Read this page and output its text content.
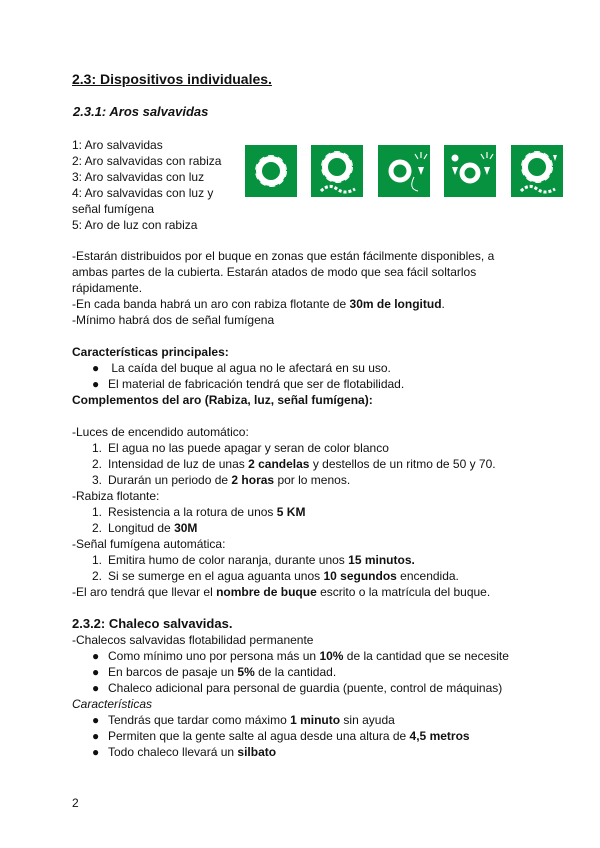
2.3: Dispositivos individuales.
2.3.1: Aros salvavidas
1: Aro salvavidas
2: Aro salvavidas con rabiza
3: Aro salvavidas con luz
4: Aro salvavidas con luz y
señal fumígena
5: Aro de luz con rabiza
-Estarán distribuidos por el buque en zonas que están fácilmente disponibles, a
ambas partes de la cubierta. Estarán atados de modo que sea fácil soltarlos
rápidamente.
-En cada banda habrá un aro con rabiza flotante de 30m de longitud.
-Mínimo habrá dos de señal fumígena
Características principales:
● La caída del buque al agua no le afectará en su uso.
● El material de fabricación tendrá que ser de flotabilidad.
Complementos del aro (Rabiza, luz, señal fumígena):
-Luces de encendido automático:
1. El agua no las puede apagar y seran de color blanco
2. Intensidad de luz de unas 2 candelas y destellos de un ritmo de 50 y 70.
3. Durarán un periodo de 2 horas por lo menos.
-Rabiza flotante:
1. Resistencia a la rotura de unos 5 KM
2. Longitud de 30M
-Señal fumígena automática:
1. Emitira humo de color naranja, durante unos 15 minutos.
2. Si se sumerge en el agua aguanta unos 10 segundos encendida.
-El aro tendrá que llevar el nombre de buque escrito o la matrícula del buque.
2.3.2: Chaleco salvavidas.
-Chalecos salvavidas flotabilidad permanente
● Como mínimo uno por persona más un 10% de la cantidad que se necesite
● En barcos de pasaje un 5% de la cantidad.
● Chaleco adicional para personal de guardia (puente, control de máquinas)
Características
● Tendrás que tardar como máximo 1 minuto sin ayuda
● Permiten que la gente salte al agua desde una altura de 4,5 metros
● Todo chaleco llevará un silbato
2
